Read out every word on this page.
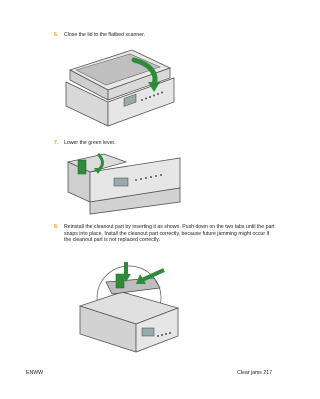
6. Close the lid to the flatbed scanner.
7. Lower the green lever.
8. Reinstall the cleanout part by inserting it as shown. Push down on the two tabs until the part snaps into place. Install the cleanout part correctly, because future jamming might occur if the cleanout part is not replaced correctly.
ENWW	Clear jams 217
